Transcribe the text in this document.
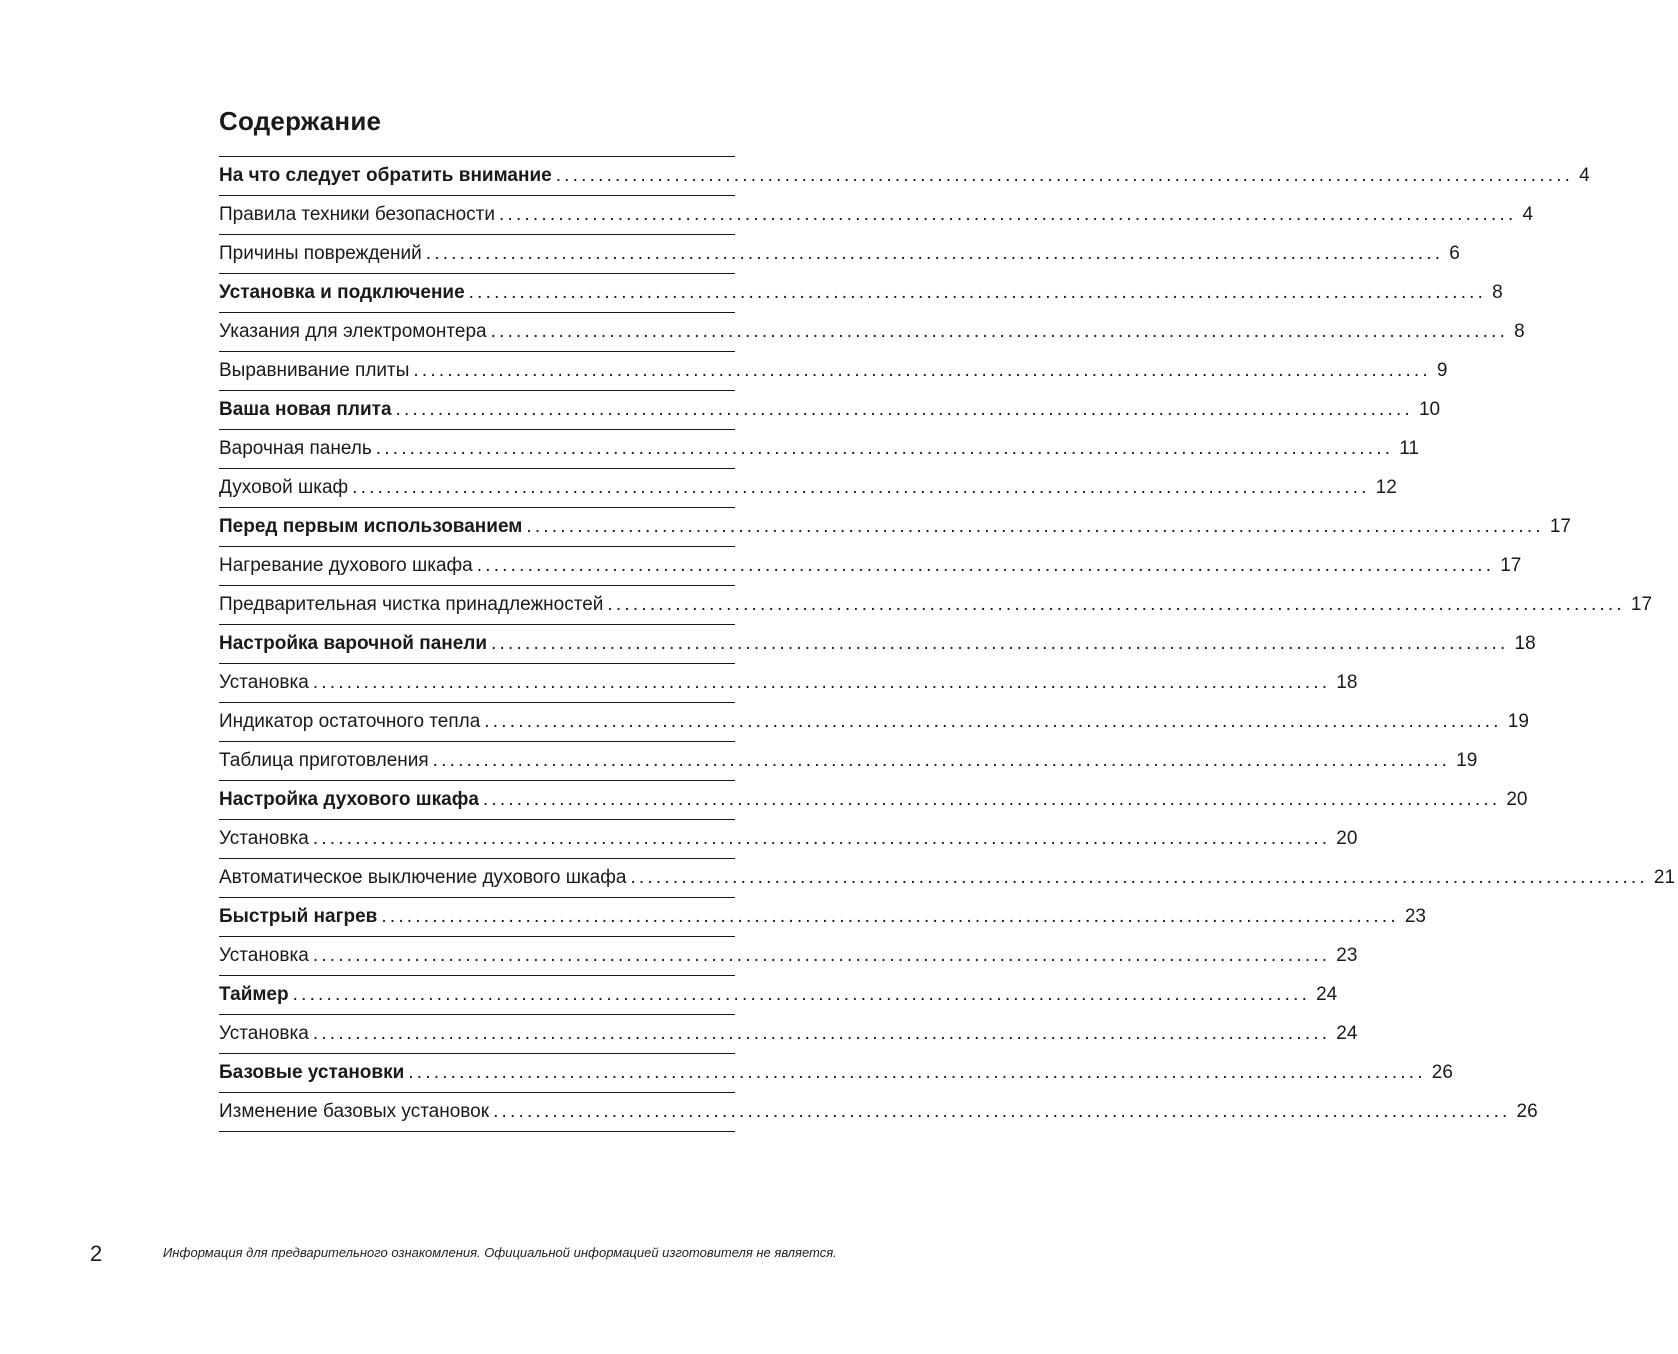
Содержание
На что следует обратить внимание ........................................................................................................................ 4
Правила техники безопасности ........................................................................................................................ 4
Причины повреждений ........................................................................................................................ 6
Установка и подключение ........................................................................................................................ 8
Указания для электромонтера ........................................................................................................................ 8
Выравнивание плиты ........................................................................................................................ 9
Ваша новая плита ........................................................................................................................ 10
Варочная панель ........................................................................................................................ 11
Духовой шкаф ........................................................................................................................ 12
Перед первым использованием ........................................................................................................................ 17
Нагревание духового шкафа ........................................................................................................................ 17
Предварительная чистка принадлежностей ........................................................................................................................ 17
Настройка варочной панели ........................................................................................................................ 18
Установка ........................................................................................................................ 18
Индикатор остаточного тепла ........................................................................................................................ 19
Таблица приготовления ........................................................................................................................ 19
Настройка духового шкафа ........................................................................................................................ 20
Установка ........................................................................................................................ 20
Автоматическое выключение духового шкафа ........................................................................................................................ 21
Быстрый нагрев ........................................................................................................................ 23
Установка ........................................................................................................................ 23
Таймер ........................................................................................................................ 24
Установка ........................................................................................................................ 24
Базовые установки ........................................................................................................................ 26
Изменение базовых установок ........................................................................................................................ 26
2	Информация для предварительного ознакомления. Официальной информацией изготовителя не является.
